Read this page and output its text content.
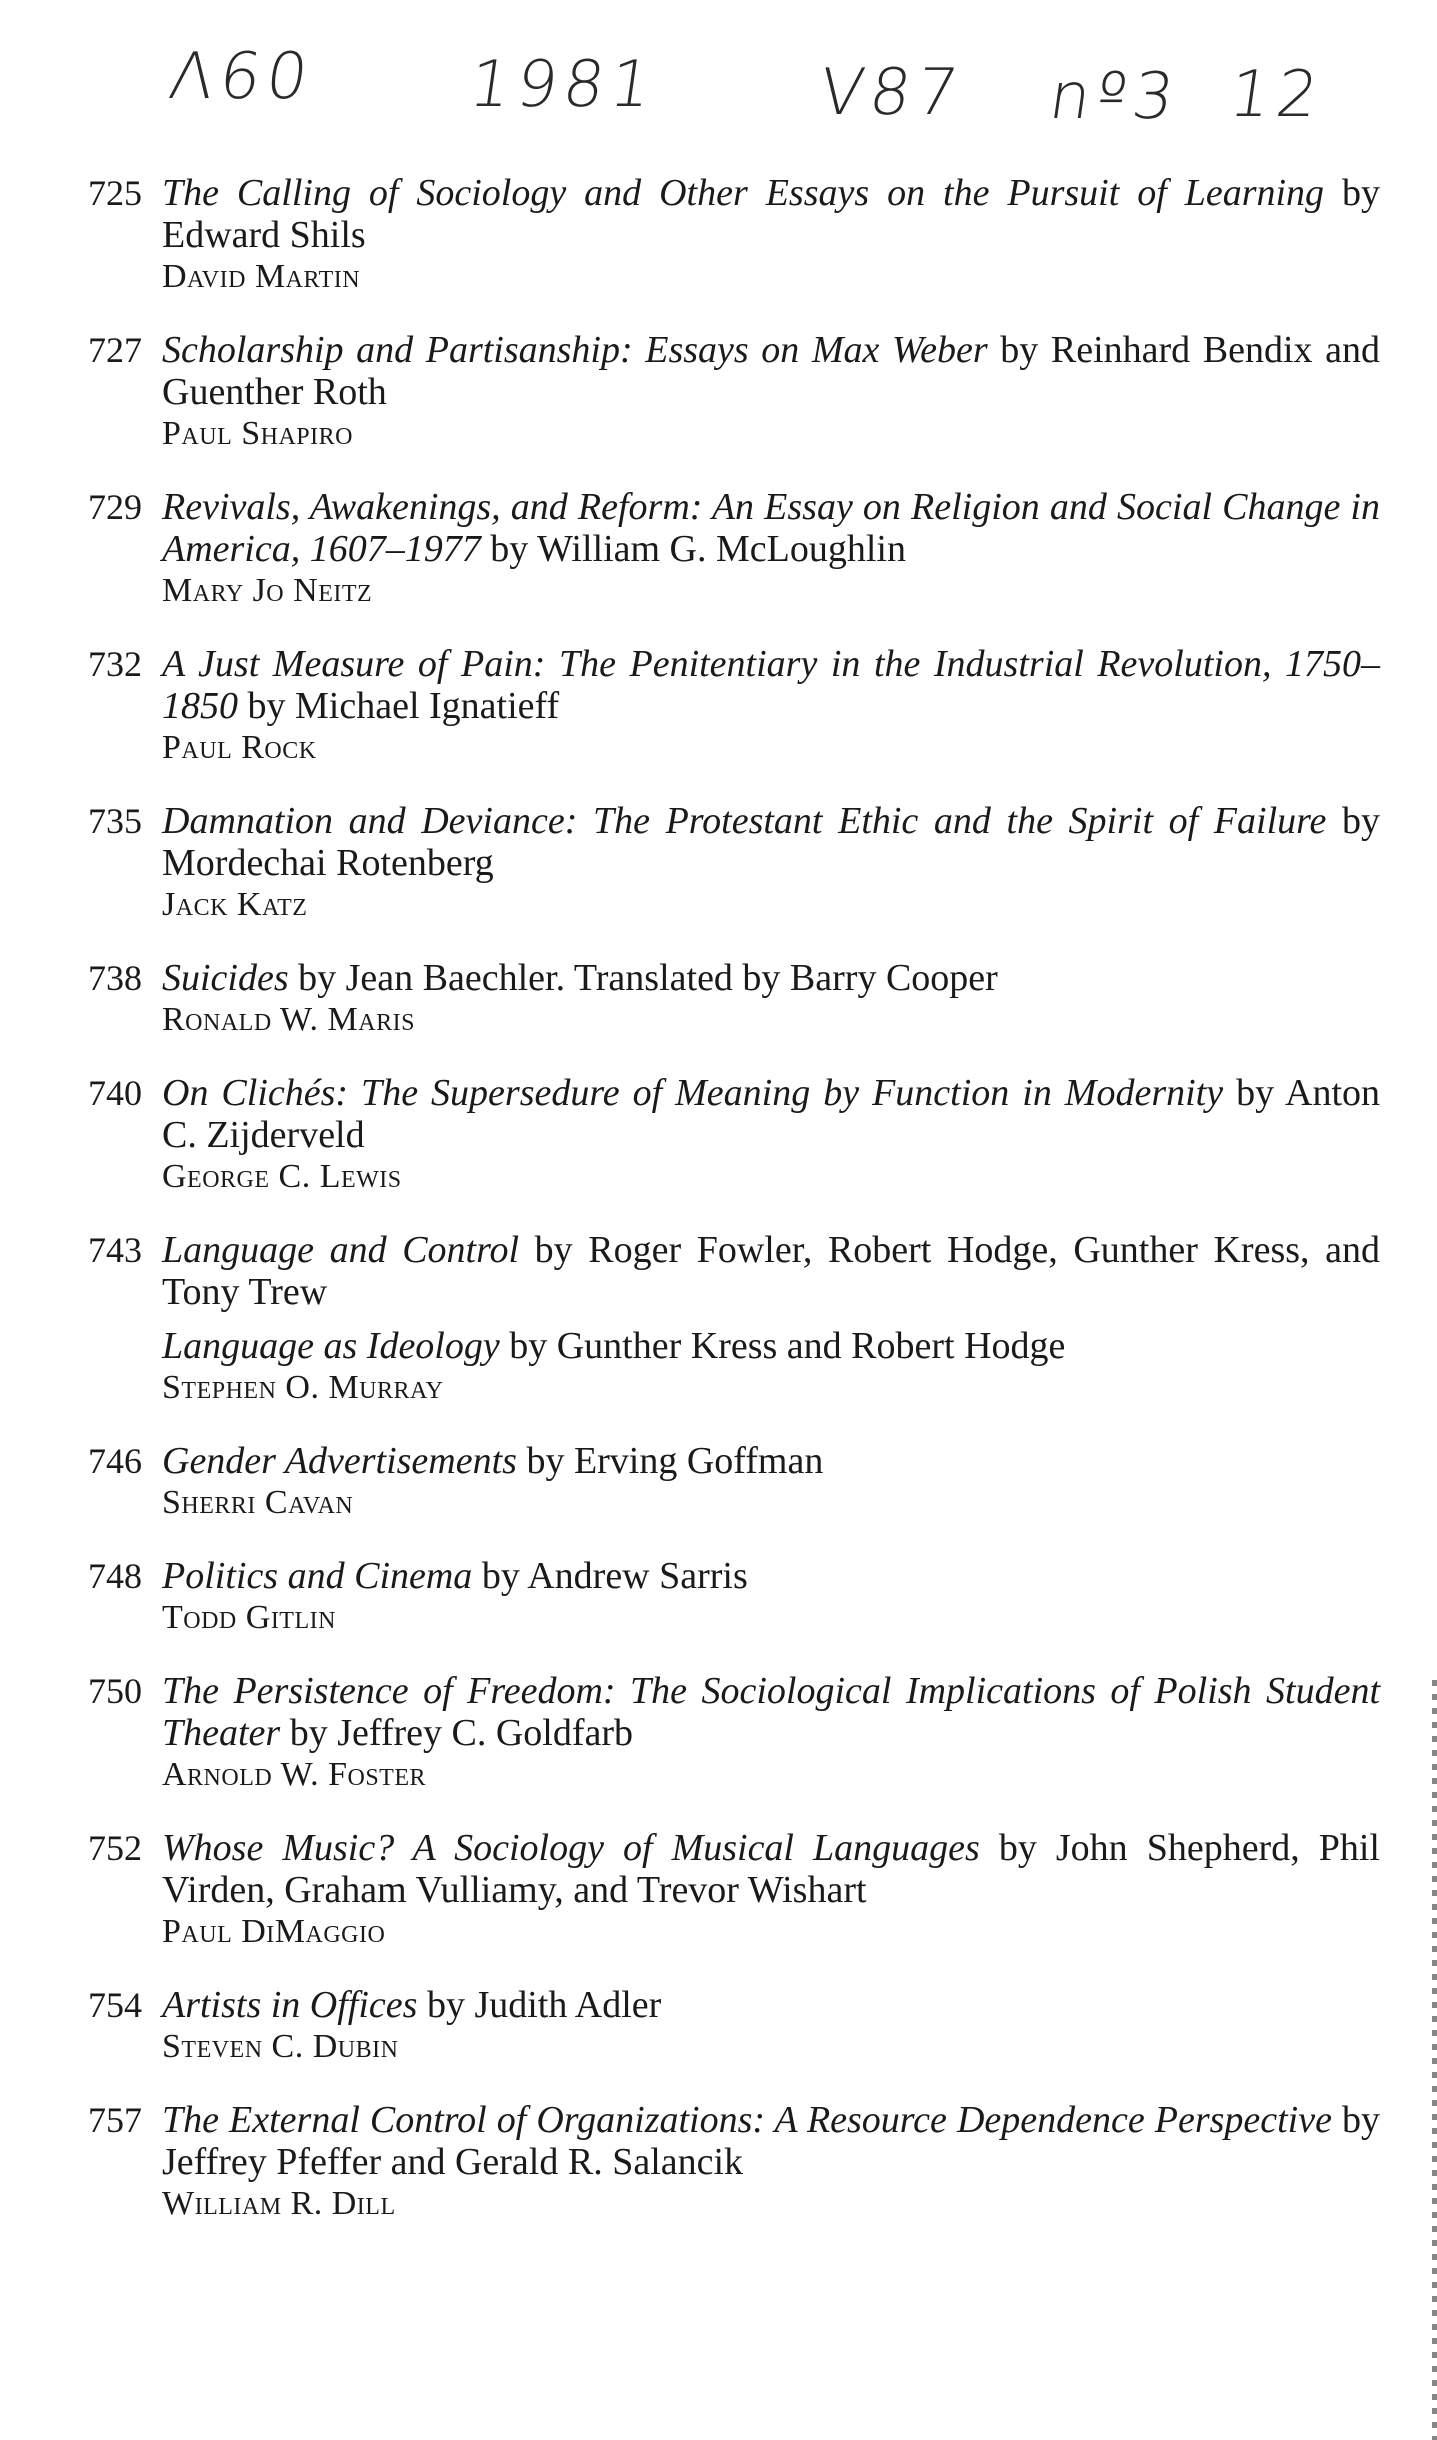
Λ60 1981 V87 nº3 12
725 The Calling of Sociology and Other Essays on the Pursuit of Learning by Edward Shils

David Martin

727 Scholarship and Partisanship: Essays on Max Weber by Reinhard Bendix and Guenther Roth

Paul Shapiro

729 Revivals, Awakenings, and Reform: An Essay on Religion and Social Change in America, 1607–1977 by William G. McLoughlin

Mary Jo Neitz

732 A Just Measure of Pain: The Penitentiary in the Industrial Revolution, 1750–1850 by Michael Ignatieff

Paul Rock

735 Damnation and Deviance: The Protestant Ethic and the Spirit of Failure by Mordechai Rotenberg

Jack Katz

738 Suicides by Jean Baechler. Translated by Barry Cooper

Ronald W. Maris

740 On Clichés: The Supersedure of Meaning by Function in Modernity by Anton C. Zijderveld

George C. Lewis

743 Language and Control by Roger Fowler, Robert Hodge, Gunther Kress, and Tony Trew

Language as Ideology by Gunther Kress and Robert Hodge

Stephen O. Murray

746 Gender Advertisements by Erving Goffman

Sherri Cavan

748 Politics and Cinema by Andrew Sarris

Todd Gitlin

750 The Persistence of Freedom: The Sociological Implications of Polish Student Theater by Jeffrey C. Goldfarb

Arnold W. Foster

752 Whose Music? A Sociology of Musical Languages by John Shepherd, Phil Virden, Graham Vulliamy, and Trevor Wishart

Paul DiMaggio

754 Artists in Offices by Judith Adler

Steven C. Dubin

757 The External Control of Organizations: A Resource Dependence Perspective by Jeffrey Pfeffer and Gerald R. Salancik

William R. Dill
